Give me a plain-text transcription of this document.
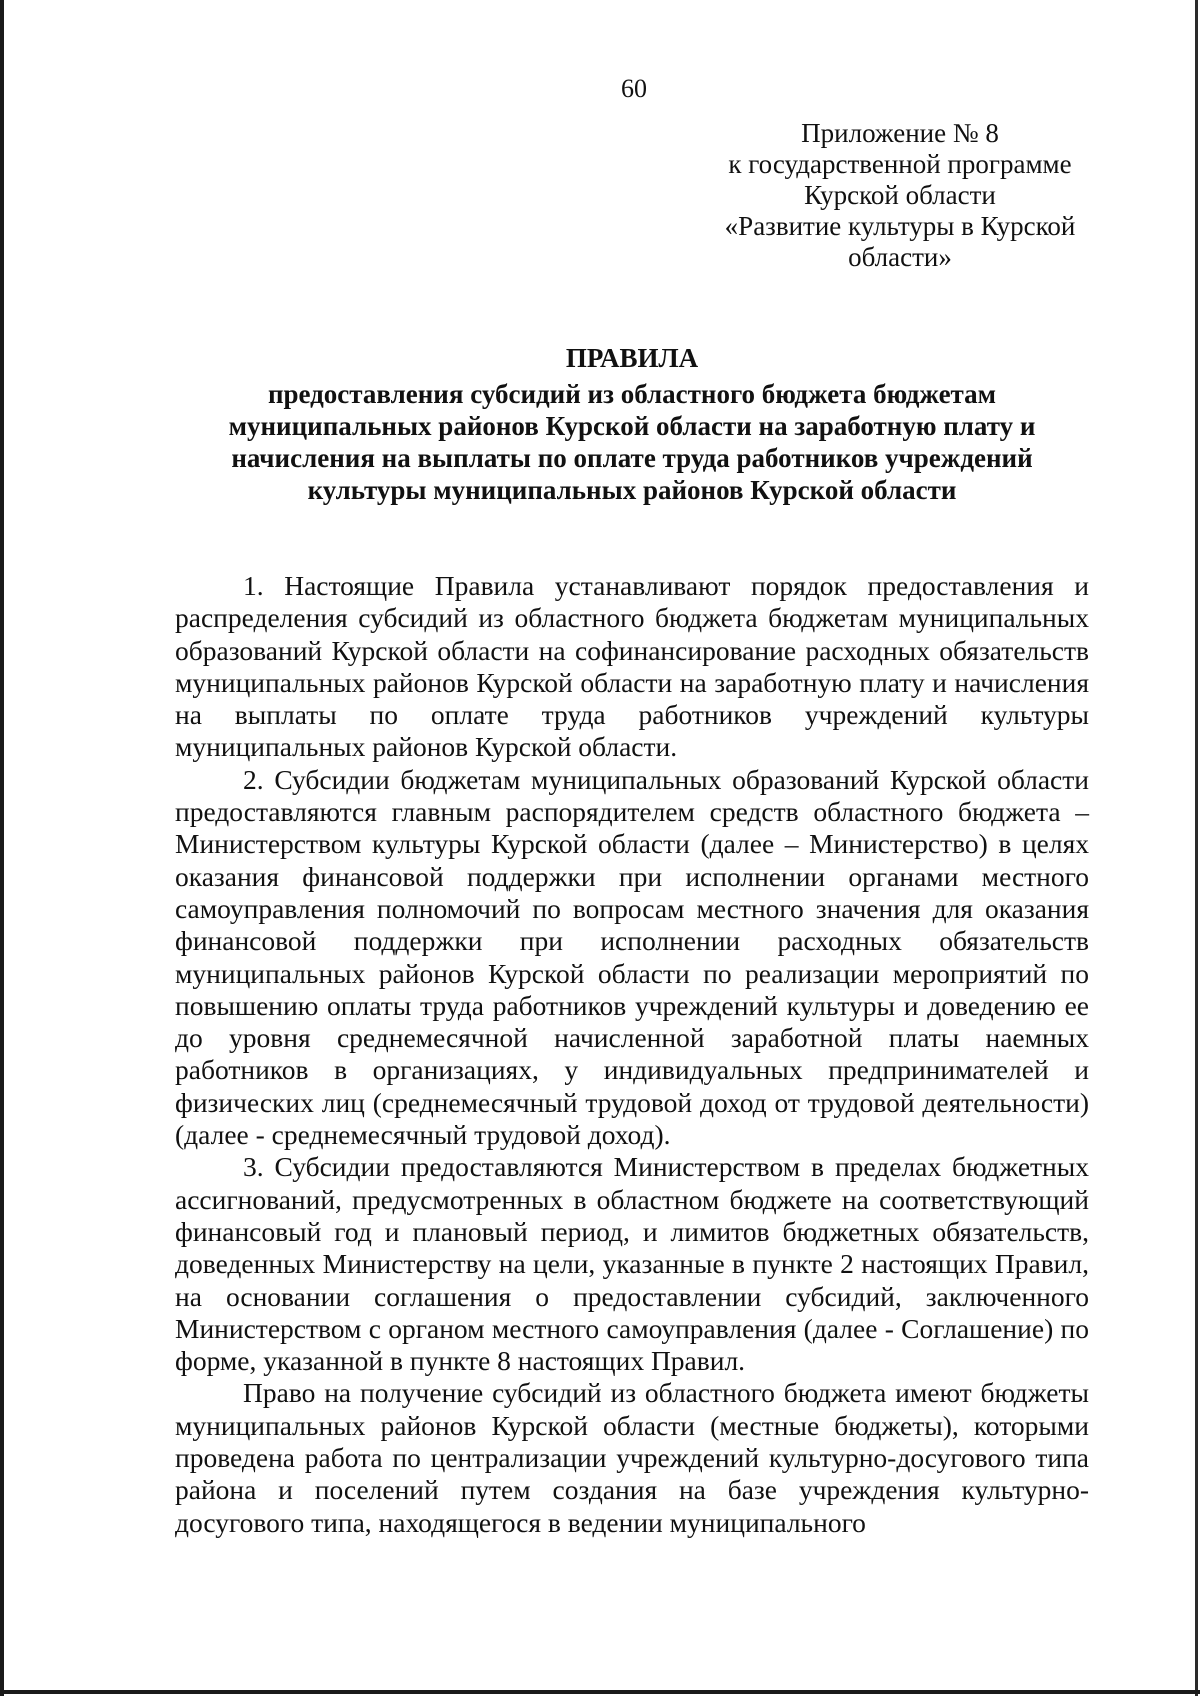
60
Приложение № 8
к государственной программе
Курской области
«Развитие культуры в Курской
области»
ПРАВИЛА
предоставления субсидий из областного бюджета бюджетам
муниципальных районов Курской области на заработную плату и
начисления на выплаты по оплате труда работников учреждений
культуры муниципальных районов Курской области

1. Настоящие Правила устанавливают порядок предоставления и распределения субсидий из областного бюджета бюджетам муниципальных образований Курской области на софинансирование расходных обязательств муниципальных районов Курской области на заработную плату и начисления на выплаты по оплате труда работников учреждений культуры муниципальных районов Курской области.

2. Субсидии бюджетам муниципальных образований Курской области предоставляются главным распорядителем средств областного бюджета – Министерством культуры Курской области (далее – Министерство) в целях оказания финансовой поддержки при исполнении органами местного самоуправления полномочий по вопросам местного значения для оказания финансовой поддержки при исполнении расходных обязательств муниципальных районов Курской области по реализации мероприятий по повышению оплаты труда работников учреждений культуры и доведению ее до уровня среднемесячной начисленной заработной платы наемных работников в организациях, у индивидуальных предпринимателей и физических лиц (среднемесячный трудовой доход от трудовой деятельности) (далее - среднемесячный трудовой доход).

3. Субсидии предоставляются Министерством в пределах бюджетных ассигнований, предусмотренных в областном бюджете на соответствующий финансовый год и плановый период, и лимитов бюджетных обязательств, доведенных Министерству на цели, указанные в пункте 2 настоящих Правил, на основании соглашения о предоставлении субсидий, заключенного Министерством с органом местного самоуправления (далее - Соглашение) по форме, указанной в пункте 8 настоящих Правил.

Право на получение субсидий из областного бюджета имеют бюджеты муниципальных районов Курской области (местные бюджеты), которыми проведена работа по централизации учреждений культурно-досугового типа района и поселений путем создания на базе учреждения культурно-досугового типа, находящегося в ведении муниципального
